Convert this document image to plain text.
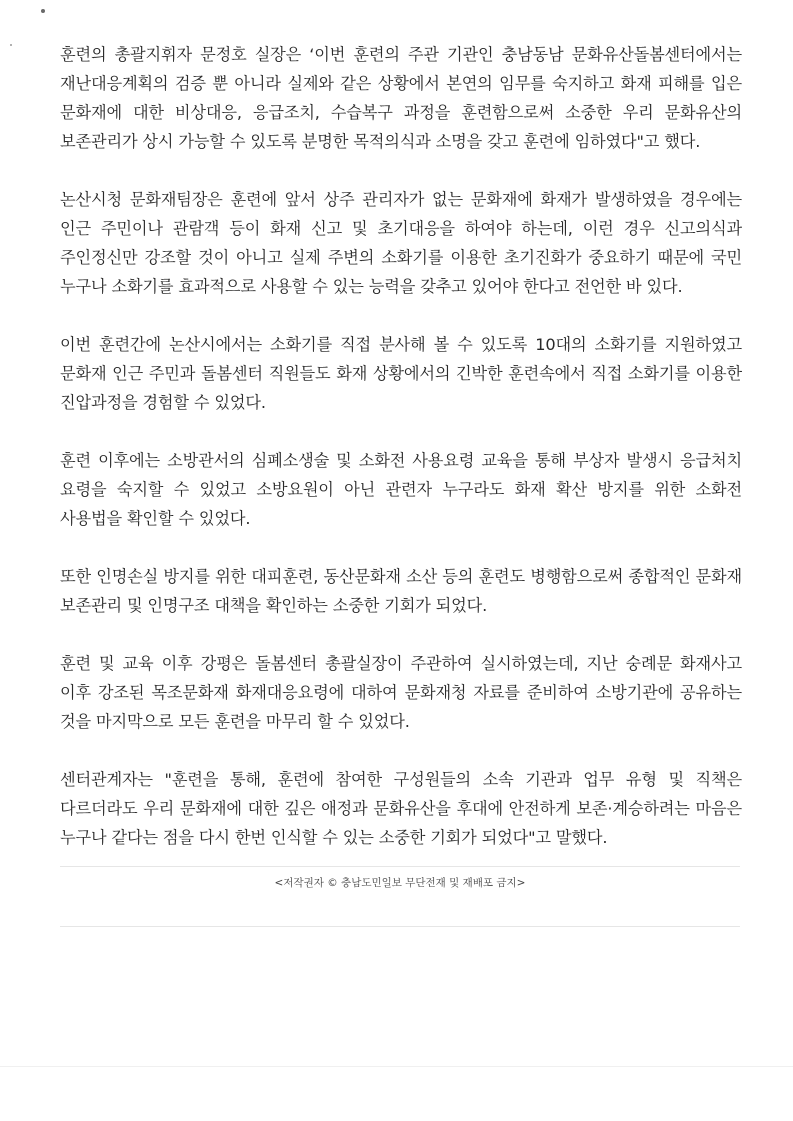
훈련의 총괄지휘자 문정호 실장은 ‘이번 훈련의 주관 기관인 충남동남 문화유산돌봄센터에서는 재난대응계획의 검증 뿐 아니라 실제와 같은 상황에서 본연의 임무를 숙지하고 화재 피해를 입은 문화재에 대한 비상대응, 응급조치, 수습복구 과정을 훈련함으로써 소중한 우리 문화유산의 보존관리가 상시 가능할 수 있도록 분명한 목적의식과 소명을 갖고 훈련에 임하였다"고 했다.

논산시청 문화재팀장은 훈련에 앞서 상주 관리자가 없는 문화재에 화재가 발생하였을 경우에는 인근 주민이나 관람객 등이 화재 신고 및 초기대응을 하여야 하는데, 이런 경우 신고의식과 주인정신만 강조할 것이 아니고 실제 주변의 소화기를 이용한 초기진화가 중요하기 때문에 국민 누구나 소화기를 효과적으로 사용할 수 있는 능력을 갖추고 있어야 한다고 전언한 바 있다.

이번 훈련간에 논산시에서는 소화기를 직접 분사해 볼 수 있도록 10대의 소화기를 지원하였고 문화재 인근 주민과 돌봄센터 직원들도 화재 상황에서의 긴박한 훈련속에서 직접 소화기를 이용한 진압과정을 경험할 수 있었다.

훈련 이후에는 소방관서의 심폐소생술 및 소화전 사용요령 교육을 통해 부상자 발생시 응급처치 요령을 숙지할 수 있었고 소방요원이 아닌 관련자 누구라도 화재 확산 방지를 위한 소화전 사용법을 확인할 수 있었다.

또한 인명손실 방지를 위한 대피훈련, 동산문화재 소산 등의 훈련도 병행함으로써 종합적인 문화재 보존관리 및 인명구조 대책을 확인하는 소중한 기회가 되었다.

훈련 및 교육 이후 강평은 돌봄센터 총괄실장이 주관하여 실시하였는데, 지난 숭례문 화재사고 이후 강조된 목조문화재 화재대응요령에 대하여 문화재청 자료를 준비하여 소방기관에 공유하는 것을 마지막으로 모든 훈련을 마무리 할 수 있었다.

센터관계자는 "훈련을 통해, 훈련에 참여한 구성원들의 소속 기관과 업무 유형 및 직책은 다르더라도 우리 문화재에 대한 깊은 애정과 문화유산을 후대에 안전하게 보존·계승하려는 마음은 누구나 같다는 점을 다시 한번 인식할 수 있는 소중한 기회가 되었다"고 말했다.

<저작권자 © 충남도민일보 무단전재 및 재배포 금지>
